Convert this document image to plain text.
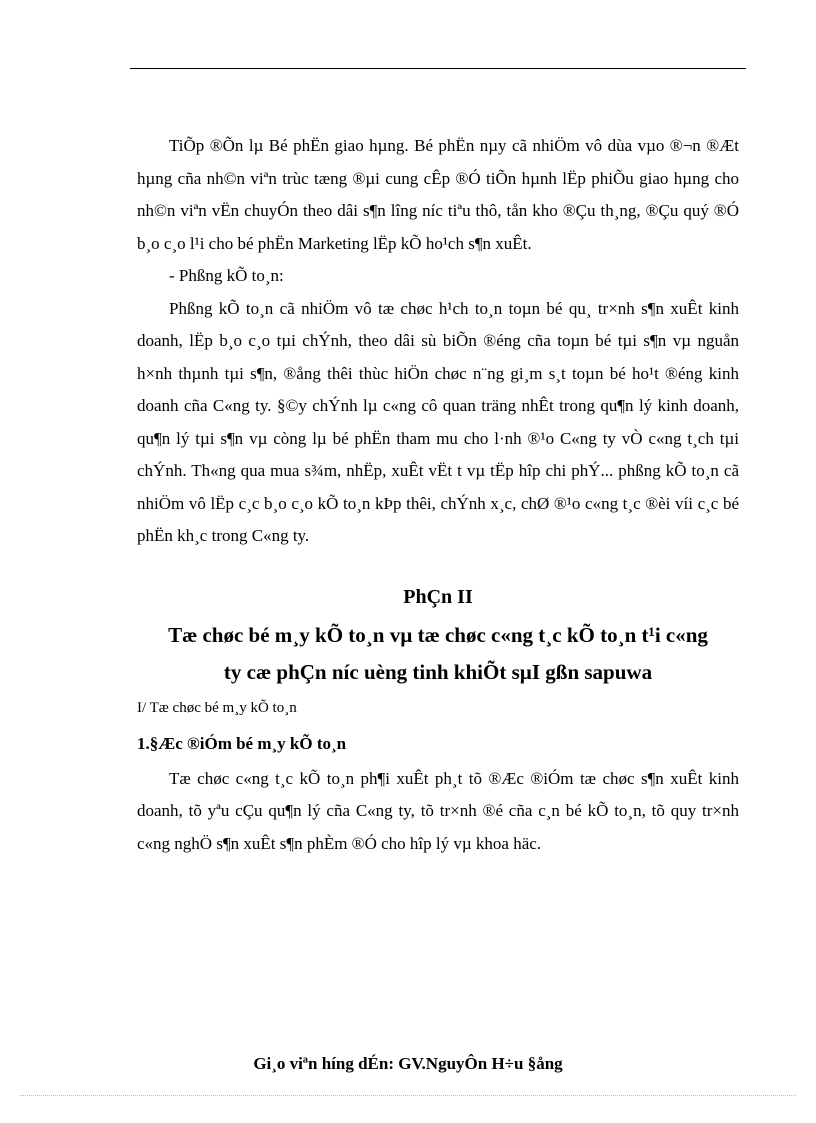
TiÕp ®Õn lµ Bé phËn giao hµng. Bé phËn nµy cã nhiÖm vô dùa vµo ®¬n ®Æt hµng cña nh©n viªn trùc tæng ®µi cung cÊp ®Ó tiÕn hµnh lËp phiÕu giao hµng cho nh©n viªn vËn chuyÓn theo dâi s¶n lîng níc tiªu thô, tån kho ®Çu th¸ng, ®Çu quý ®Ó b¸o c¸o l¹i cho bé phËn Marketing lËp kÕ ho¹ch s¶n xuÊt.

- Phßng kÕ to¸n:

Phßng kÕ to¸n cã nhiÖm vô tæ chøc h¹ch to¸n toµn bé qu¸ tr×nh s¶n xuÊt kinh doanh, lËp b¸o c¸o tµi chÝnh, theo dâi sù biÕn ®éng cña toµn bé tµi s¶n vµ nguån h×nh thµnh tµi s¶n, ®ång thêi thùc hiÖn chøc n¨ng gi¸m s¸t toµn bé ho¹t ®éng kinh doanh cña C«ng ty. §©y chÝnh lµ c«ng cô quan träng nhÊt trong qu¶n lý kinh doanh, qu¶n lý tµi s¶n vµ còng lµ bé phËn tham mu cho l·nh ®¹o C«ng ty vÒ c«ng t¸ch tµi chÝnh. Th«ng qua mua s¾m, nhËp, xuÊt vËt t vµ tËp hîp chi phÝ... phßng kÕ to¸n cã nhiÖm vô lËp c¸c b¸o c¸o kÕ to¸n kÞp thêi, chÝnh x¸c, chØ ®¹o c«ng t¸c ®èi víi c¸c bé phËn kh¸c trong C«ng ty.

PhÇn II

Tæ chøc bé m¸y kÕ to¸n vµ tæ chøc c«ng t¸c kÕ to¸n t¹i c«ng
ty cæ phÇn níc uèng tinh khiÕt sµI gßn sapuwa

I/ Tæ chøc bé m¸y kÕ to¸n

1.§Æc ®iÓm bé m¸y kÕ to¸n

Tæ chøc c«ng t¸c kÕ to¸n ph¶i xuÊt ph¸t tõ ®Æc ®iÓm tæ chøc s¶n xuÊt kinh doanh, tõ yªu cÇu qu¶n lý cña C«ng ty, tõ tr×nh ®é cña c¸n bé kÕ to¸n, tõ quy tr×nh c«ng nghÖ s¶n xuÊt s¶n phÈm ®Ó cho hîp lý vµ khoa häc.

Gi¸o viªn híng dÉn: GV.NguyÔn H÷u §ång
